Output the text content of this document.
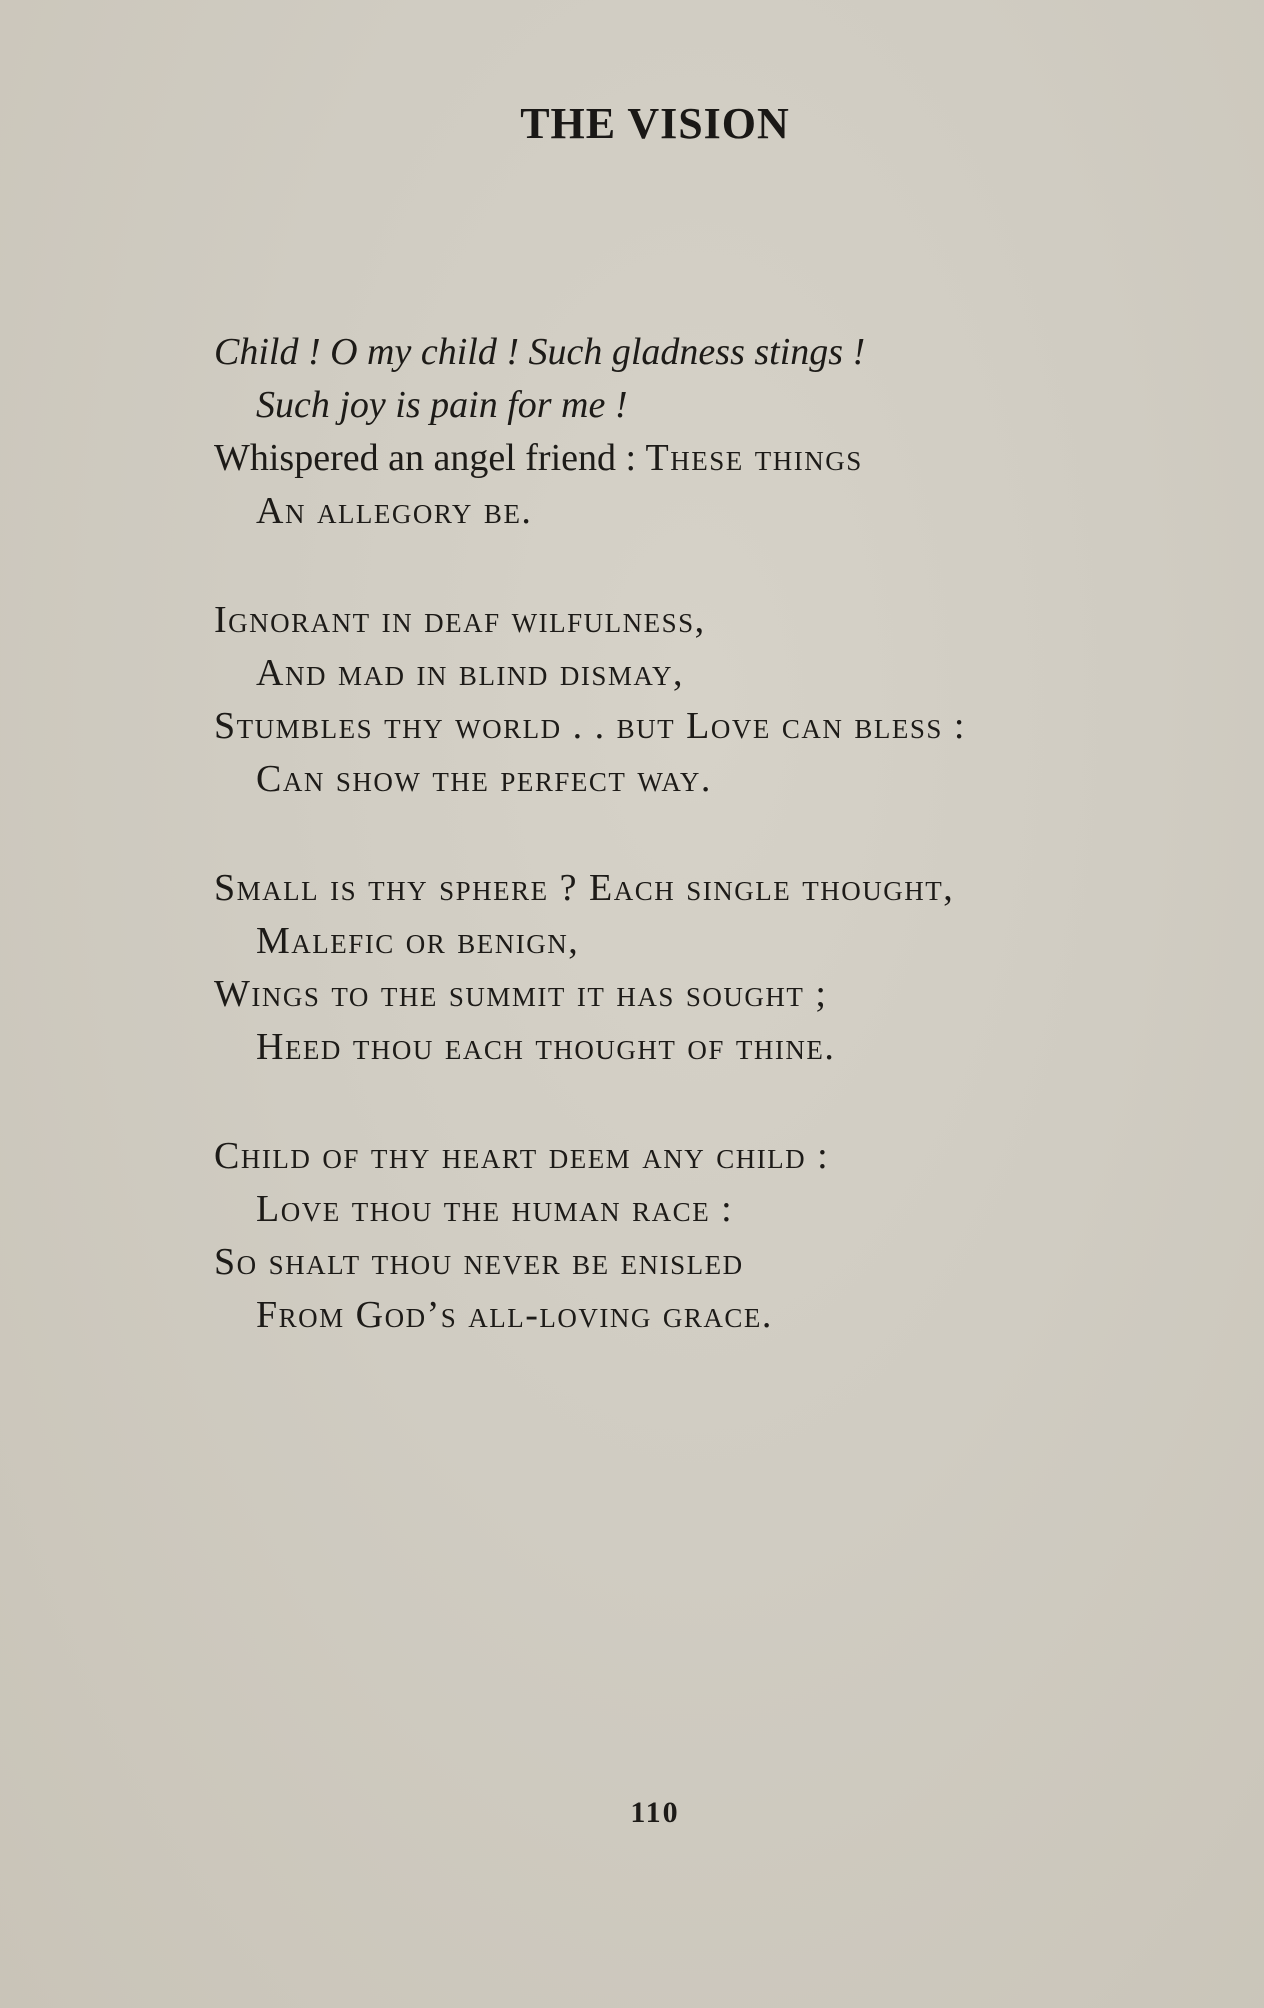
THE VISION
Child ! O my child ! Such gladness stings !
Such joy is pain for me !
Whispered an angel friend : These things
An allegory be.
Ignorant in deaf wilfulness,
And mad in blind dismay,
Stumbles thy world . . but Love can bless :
Can show the perfect way.
Small is thy sphere ? Each single thought,
Malefic or benign,
Wings to the summit it has sought ;
Heed thou each thought of thine.
Child of thy heart deem any child :
Love thou the human race :
So shalt thou never be enisled
From God’s all-loving grace.
110
